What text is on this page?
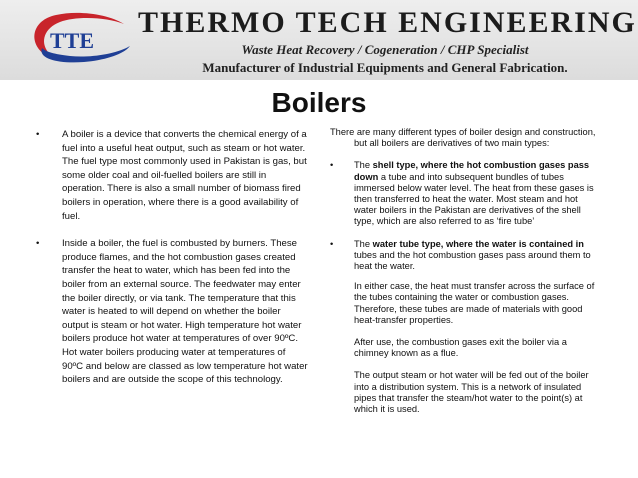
TTE
THERMO TECH ENGINEERING
Waste Heat Recovery / Cogeneration / CHP Specialist
Manufacturer of Industrial Equipments and General Fabrication.
Boilers
• A boiler is a device that converts the chemical energy of a fuel into a useful heat output, such as steam or hot water. The fuel type most commonly used in Pakistan is gas, but some older coal and oil-fuelled boilers are still in operation. There is also a small number of biomass fired boilers in operation, where there is a good availability of fuel.
• Inside a boiler, the fuel is combusted by burners. These produce flames, and the hot combustion gases created transfer the heat to water, which has been fed into the boiler from an external source. The feedwater may enter the boiler directly, or via tank. The temperature that this water is heated to will depend on whether the boiler output is steam or hot water. High temperature hot water boilers produce hot water at temperatures of over 90ºC. Hot water boilers producing water at temperatures of 90ºC and below are classed as low temperature hot water boilers and are outside the scope of this technology.
There are many different types of boiler design and construction, but all boilers are derivatives of two main types:
• The shell type, where the hot combustion gases pass down a tube and into subsequent bundles of tubes immersed below water level. The heat from these gases is then transferred to heat the water. Most steam and hot water boilers in the Pakistan are derivatives of the shell type, which are also referred to as ‘fire tube’
• The water tube type, where the water is contained in tubes and the hot combustion gases pass around them to heat the water.
In either case, the heat must transfer across the surface of the tubes containing the water or combustion gases. Therefore, these tubes are made of materials with good heat-transfer properties.
After use, the combustion gases exit the boiler via a chimney known as a flue.
The output steam or hot water will be fed out of the boiler into a distribution system. This is a network of insulated pipes that transfer the steam/hot water to the point(s) at which it is used.
